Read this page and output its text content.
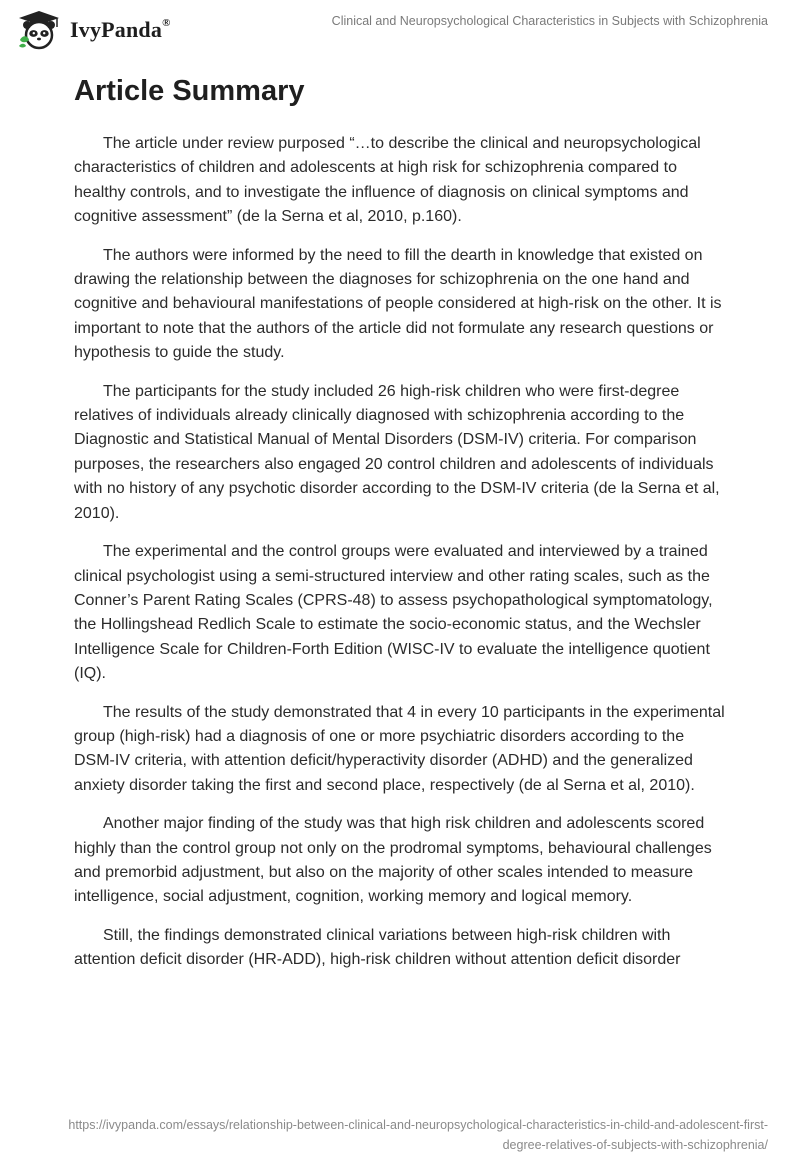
IvyPanda®	Clinical and Neuropsychological Characteristics in Subjects with Schizophrenia
Article Summary

The article under review purposed “…to describe the clinical and neuropsychological characteristics of children and adolescents at high risk for schizophrenia compared to healthy controls, and to investigate the influence of diagnosis on clinical symptoms and cognitive assessment” (de la Serna et al, 2010, p.160).

The authors were informed by the need to fill the dearth in knowledge that existed on drawing the relationship between the diagnoses for schizophrenia on the one hand and cognitive and behavioural manifestations of people considered at high-risk on the other. It is important to note that the authors of the article did not formulate any research questions or hypothesis to guide the study.

The participants for the study included 26 high-risk children who were first-degree relatives of individuals already clinically diagnosed with schizophrenia according to the Diagnostic and Statistical Manual of Mental Disorders (DSM-IV) criteria. For comparison purposes, the researchers also engaged 20 control children and adolescents of individuals with no history of any psychotic disorder according to the DSM-IV criteria (de la Serna et al, 2010).

The experimental and the control groups were evaluated and interviewed by a trained clinical psychologist using a semi-structured interview and other rating scales, such as the Conner’s Parent Rating Scales (CPRS-48) to assess psychopathological symptomatology, the Hollingshead Redlich Scale to estimate the socio-economic status, and the Wechsler Intelligence Scale for Children-Forth Edition (WISC-IV to evaluate the intelligence quotient (IQ).

The results of the study demonstrated that 4 in every 10 participants in the experimental group (high-risk) had a diagnosis of one or more psychiatric disorders according to the DSM-IV criteria, with attention deficit/hyperactivity disorder (ADHD) and the generalized anxiety disorder taking the first and second place, respectively (de al Serna et al, 2010).

Another major finding of the study was that high risk children and adolescents scored highly than the control group not only on the prodromal symptoms, behavioural challenges and premorbid adjustment, but also on the majority of other scales intended to measure intelligence, social adjustment, cognition, working memory and logical memory.

Still, the findings demonstrated clinical variations between high-risk children with attention deficit disorder (HR-ADD), high-risk children without attention deficit disorder

https://ivypanda.com/essays/relationship-between-clinical-and-neuropsychological-characteristics-in-child-and-adolescent-first-
degree-relatives-of-subjects-with-schizophrenia/
